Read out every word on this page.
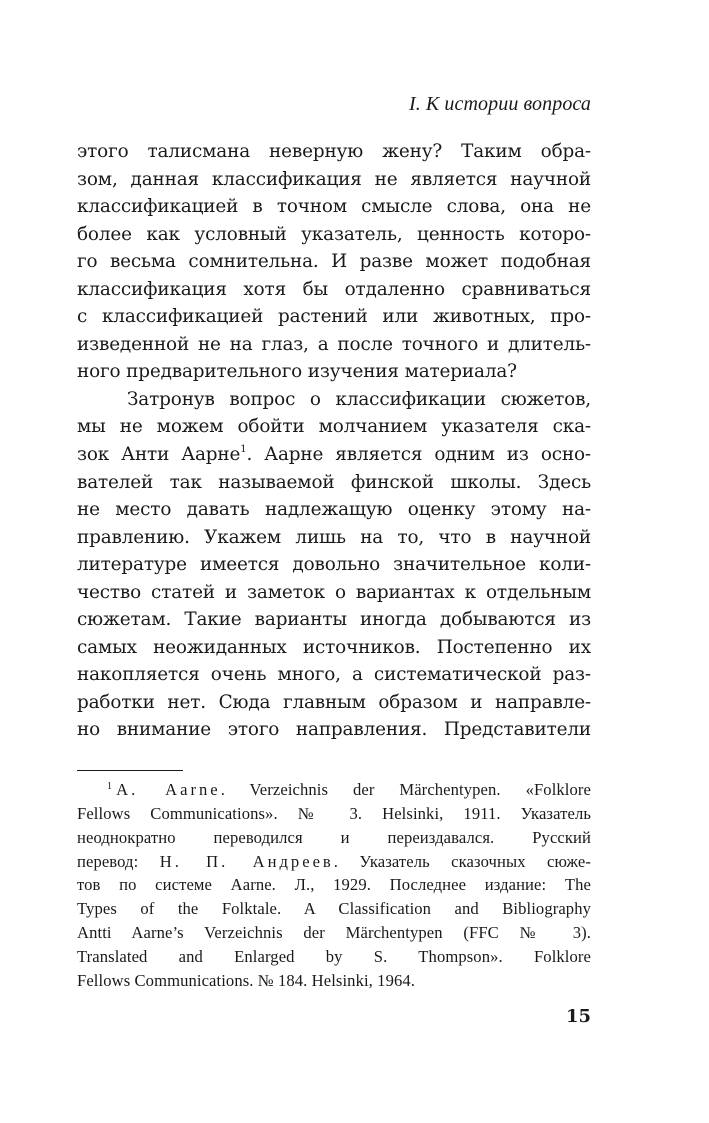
I. К истории вопроса
этого талисмана неверную жену? Таким обра-
зом, данная классификация не является научной
классификацией в точном смысле слова, она не
более как условный указатель, ценность которо-
го весьма сомнительна. И разве может подобная
классификация хотя бы отдаленно сравниваться
с классификацией растений или животных, про-
изведенной не на глаз, а после точного и длитель-
ного предварительного изучения материала?
Затронув вопрос о классификации сюжетов,
мы не можем обойти молчанием указателя ска-
зок Анти Аарне$^1$. Аарне является одним из осно-
вателей так называемой финской школы. Здесь
не место давать надлежащую оценку этому на-
правлению. Укажем лишь на то, что в научной
литературе имеется довольно значительное коли-
чество статей и заметок о вариантах к отдельным
сюжетам. Такие варианты иногда добываются из
самых неожиданных источников. Постепенно их
накопляется очень много, а систематической раз-
работки нет. Сюда главным образом и направле-
но внимание этого направления. Представители
$^1$ A. Aarne. Verzeichnis der Märchentypen. «Folklore
Fellows Communications». № 3. Helsinki, 1911. Указатель
неоднократно переводился и переиздавался. Русский
перевод: Н. П. Андреев. Указатель сказочных сюже-
тов по системе Aarne. Л., 1929. Последнее издание: The
Types of the Folktale. A Classification and Bibliography
Antti Aarne’s Verzeichnis der Märchentypen (FFC № 3).
Translated and Enlarged by S. Thompson». Folklore
Fellows Communications. № 184. Helsinki, 1964.
15
